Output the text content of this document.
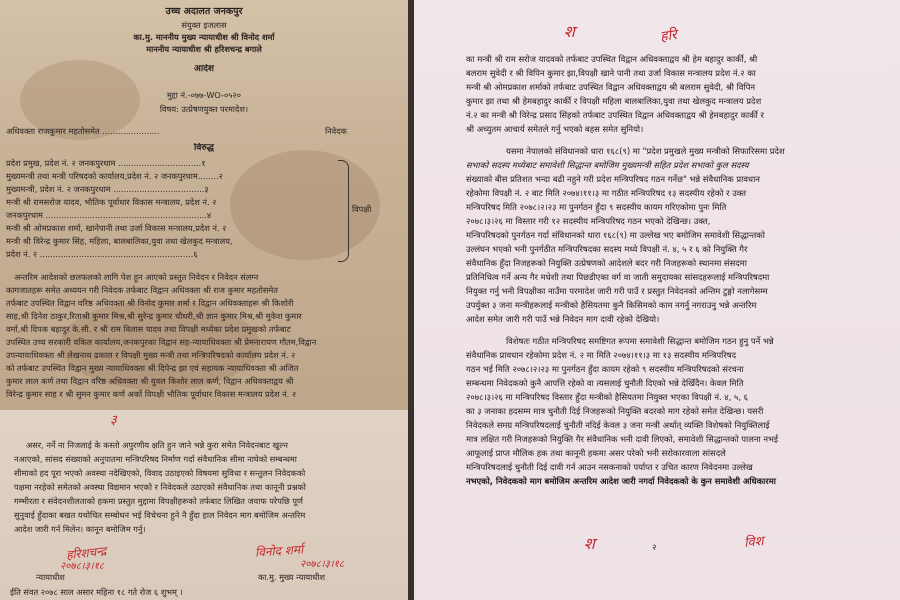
उच्च अदालत जनकपुर
संयुक्त इजलास
का.मु. माननीय मुख्य न्यायाधीश श्री विनोद शर्मा
माननीय न्यायाधीश श्री हरिशचन्द्र बगाले
आदेश
मुद्दा नं.-०७७-WO-०५२०
विषय: उत्प्रेषणयुक्त परमादेश।
अधिवक्ता राजकुमार महतोसमेत ......................	निवेदक
विरुद्ध
प्रदेश प्रमुख, प्रदेश नं. २ जनकपुरधाम ................................१
मुख्यमन्त्री तथा मन्त्री परिषदको कार्यालय,प्रदेश नं. २ जनकपुरधाम........२
मुख्यमन्त्री, प्रदेश नं. २ जनकपुरधाम ...................................३
मन्त्री श्री रामसरोज यादव, भौतिक पूर्वाधार विकास मन्त्रालय, प्रदेश नं. २
जनकपुरधाम ..............................................................४
मन्त्री श्री ओमप्रकाश शर्मा, खानेपानी तथा उर्जा विकास मन्त्रालय,प्रदेश नं. २
मन्त्री श्री विरेन्द्र कुमार सिंह, महिला, बालबालिका,युवा तथा खेलकुद मन्त्रालय,
प्रदेश नं. २ ...........................................................६
विपक्षी
अन्तरिम आदेशको छलफलको लागि पेश हुन आएको प्रस्तुत निवेदन र निवेदन संलग्न
कागजातहरू समेत अध्ययन गरी निवेदक तर्फबाट विद्वान अधिवक्ता श्री राज कुमार महतोसमेत
तर्फबाट उपस्थित विद्वान वरिष्ठ अधिवक्ता श्री विनोद कुमार शर्मा र विद्वान अधिवक्ताहरू श्री किशोरी
साह,श्री दिनेश ठाकुर,रिताश्री कुमार मिश्र,श्री सुरेन्द्र कुमार चौधरी,श्री ज्ञान कुमार मिश्र,श्री मुकेश कुमार
वर्मा,श्री दिपक बहादुर के.सी. र श्री राम विलास यादव तथा विपक्षी मध्येका प्रदेश प्रमुखको तर्फबाट
उपस्थित उच्च सरकारी वकिल कार्यालय,जनकपुरका विद्वान सह-न्यायाधिवक्ता श्री प्रेमनारायण गौतम,विद्वान
उपन्यायाधिवक्ता श्री लेखनाथ ढकाल र विपक्षी मुख्य मन्त्री तथा मन्त्रिपरिषदको कार्यालय प्रदेश नं. २
को तर्फबाट उपस्थित विद्वान मुख्य न्यायाधिवक्ता श्री दिपेन्द्र झा एवं सहायक न्यायाधिवक्ता श्री अजित
कुमार लाल कर्ण तथा विद्वान वरिष्ठ अधिवक्ता श्री युवल किशोर लाल कर्ण, विद्वान अधिवक्ताद्वय श्री
विरेन्द्र कुमार साह र श्री सुमन कुमार कर्ण अर्को विपक्षी भौतिक पूर्वाधार विकास मन्त्रालय प्रदेश नं. २
३
असर, नर्ने ना निजलाई के कस्तो अपुरणीय क्षति हुन जाने भन्ने कुरा समेत निवेदनबाट खुल्न
नआएको, सांसद संख्याको अनुपातमा मन्त्रिपरिषद निर्माण गर्दा संवैधानिक सीमा नाघेको सम्बन्धमा
सीमाको हद पूरा भएको अवस्था नदेखिएको, विवाद उठाइएको विषयमा सुविधा र सन्तुलन निवेदकको
पक्षमा नरहेको समेतको अवस्था विद्यमान भएको र निवेदकले उठाएको संवैधानिक तथा कानूनी प्रश्नको
गम्भीरता र संवेदनशीलताको हकमा प्रस्तुत मुद्दामा विपक्षीहरूको तर्फबाट लिखित जवाफ परेपछि पूर्ण
सुनुवाई हुँदाका बखत यथोचित सम्बोधन भई विचेचना हुने नै हुँदा हाल निवेदन माग बमोजिम अन्तरिम
आदेश जारी गर्न मिलेन। कानून बमोजिम गर्नु।
हरिशचन्द्र
२०७८।३।१८
विनोद शर्मा
२०७८।३।१८
न्यायाधीश	का.मु. मुख्य न्यायाधीश
ईति संवत २०७८ साल असार महिना १८ गते रोज ६ शुभम् ।
श	हरि
का मन्त्री श्री राम सरोज यादवको तर्फबाट उपस्थित विद्वान अधिवक्ताद्वय श्री हेम बहादुर कार्की, श्री
बलराम सुवेदी र श्री विपिन कुमार झा,विपक्षी खाने पानी तथा उर्जा विकास मन्त्रालय प्रदेश नं.२ का
मन्त्री श्री ओमप्रकाश शर्माको तर्फबाट उपस्थित विद्वान अधिवक्ताद्वय श्री बलराम सुवेदी, श्री विपिन
कुमार झा तथा श्री हेमबहादुर कार्की र विपक्षी महिला बालबालिका,युवा तथा खेलकुद मन्त्रालय प्रदेश
नं.२ का मन्त्री श्री विरेन्द्र प्रसाद सिंहको तर्फबाट उपस्थित विद्वान अधिवक्ताद्वय श्री हेमबहादुर कार्की र
श्री अच्युतम आचार्य समेतले गर्नु भएको बहस समेत सुनियो।
यसमा नेपालको संविधानको धारा १६८(९) मा "प्रदेश प्रमुखले मुख्य मन्त्रीको सिफारिसमा प्रदेश
सभाको सदस्य मध्येबाट समावेशी सिद्धान्त बमोजिम मुख्यमन्त्री सहित प्रदेश सभाको कुल सदस्य
संख्याको बीस प्रतिशत भन्दा बढी नहुने गरी प्रदेश मन्त्रिपरिषद गठन गर्नेछ" भन्ने संवैधानिक प्रावधान
रहेकोमा विपक्षी नं. २ बाट मिति २०७४।११।३ मा गठीत मन्त्रिपरिषद १३ सदस्यीय रहेको र उक्त
मन्त्रिपरिषद मिति २०७८।२।२३ मा पुनर्गठन हुँदा ९ सदस्यीय कायम गरिएकोमा पुनः मिति
२०७८।३।२६ मा विस्तार गरी १२ सदस्यीय मन्त्रिपरिषद गठन भएको देखिन्छ। उक्त,
मन्त्रिपरिषदको पुनर्गठन गर्दा संविधानको धारा १६८(९) मा उल्लेख भए बमोजिम समावेशी सिद्धान्तको
उल्लंघन भएको भनी पुनर्गठीत मन्त्रिपरिषदका सदस्य मध्ये विपक्षी नं. ४, ५ र ६ को नियुक्ति गैर
संवैधानिक हुँदा निजहरूको नियुक्ति उत्प्रेषणको आदेशले बदर गरी निजहरूको स्थानमा संसदमा
प्रतिनिधित्व गर्ने अन्य गैर मधेशी तथा पिछडीएका वर्ग वा जाती समुदायका सांसदहरूलाई मन्त्रिपरिषदमा
नियुक्त गर्नु भनी विपक्षीका नाउँमा परमादेश जारी गरी पाउँ र प्रस्तुत निवेदनको अन्तिम टुङ्गो नलागेसम्म
उपर्युक्त ३ जना मन्त्रीहरूलाई मन्त्रीको हैसियतमा कुनै किसिमको काम नगर्नु नगराउनु भन्ने अन्तरिम
आदेश समेत जारी गरी पाउँ भन्ने निवेदन माग दावी रहेको देखियो।
विशेषतः गठीत मन्त्रिपरिषद समष्टिगत रूपमा समावेशी सिद्धान्त बमोजिम गठन हुनु पर्ने भन्ने
संवैधानिक प्रावधान रहेकोमा प्रदेश नं. २ मा मिति २०७४।११।३ मा १३ सदस्यीय मन्त्रिपरिषद
गठन भई मिति २०७८।२।२३ मा पुनर्गठन हुँदा कायम रहेको ९ सदस्यीय मन्त्रिपरिषदको संरचना
सम्बन्धमा निवेदकको कुनै आपत्ति रहेको वा त्यसलाई चुनौती दिएको भन्ने देखिँदैन। केवल मिति
२०७८।३।२६ मा मन्त्रिपरिषद विस्तार हुँदा मन्त्रीको हैसियतमा नियुक्त भएका विपक्षी नं. ४, ५, ६
का ३ जनाका हदसम्म मात्र चुनौती दिई निजहरूको नियुक्ति बदरको माग रहेको समेत देखिन्छ। यसरी
निवेदकले समग्र मन्त्रिपरिषदलाई चुनौती नदिई केवल ३ जना मन्त्री अर्थात् व्यक्ति विशेषको नियुक्तिलाई
मात्र लक्षित गरी निजहरूको नियुक्ति गैर संवैधानिक भनी दावी लिएको, समावेशी सिद्धान्तको पालना नभई
आफूलाई प्राप्त मौलिक हक तथा कानूनी हकमा असर परेको भनी सरोकारवाला सांसदले
मन्त्रिपरिषदलाई चुनौती दिई दावी गर्न आउन नसकनाको पर्याप्त र उचित कारण निवेदनमा उल्लेख
नभएको, निवेदकको माग बमोजिम अन्तरिम आदेश जारी नगर्दा निवेदकको के कुन समावेशी अधिकारमा
श	२	विश
